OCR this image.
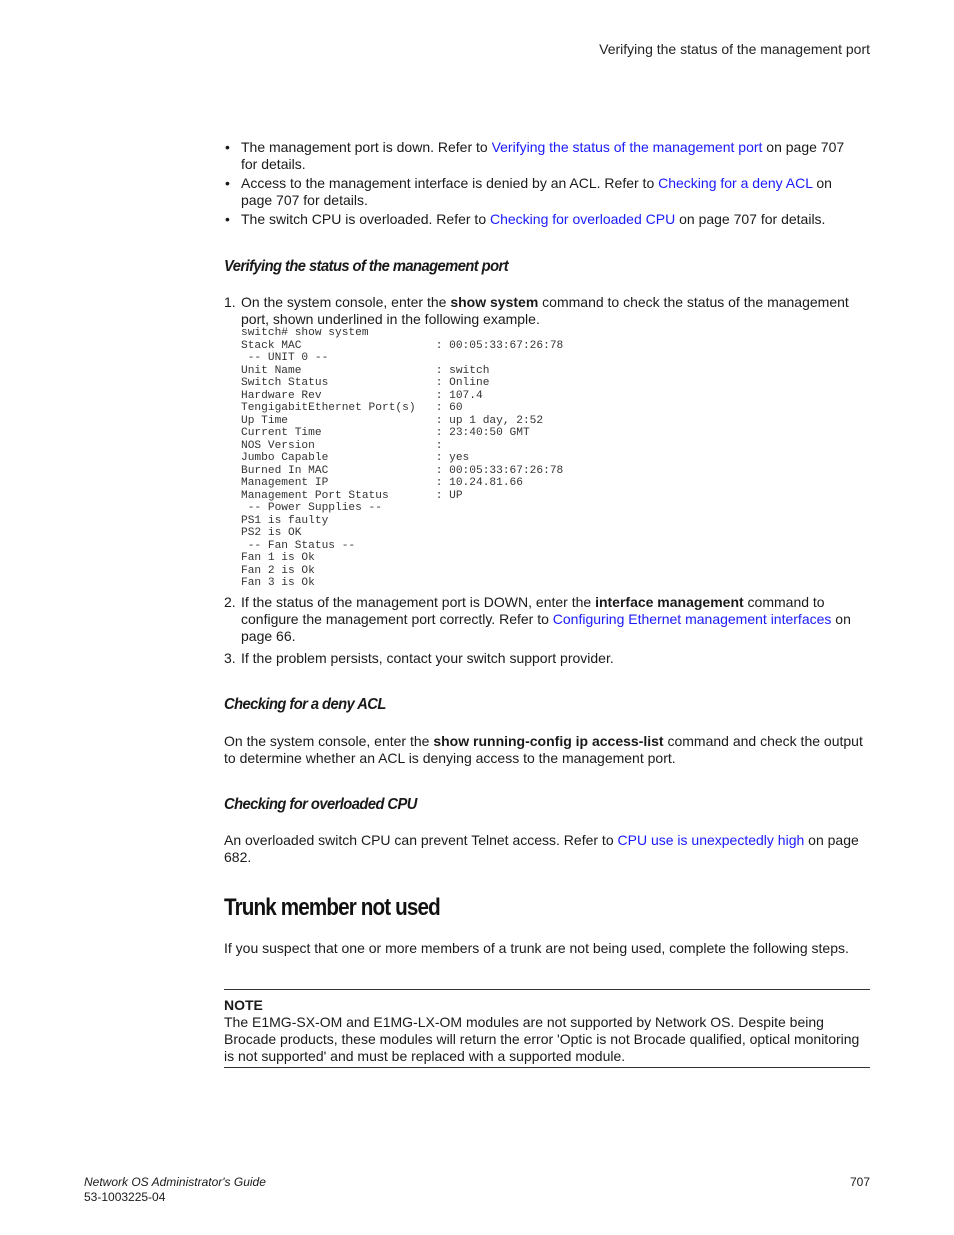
Verifying the status of the management port
• The management port is down. Refer to Verifying the status of the management port on page 707 for details.
• Access to the management interface is denied by an ACL. Refer to Checking for a deny ACL on page 707 for details.
• The switch CPU is overloaded. Refer to Checking for overloaded CPU on page 707 for details.
Verifying the status of the management port
1. On the system console, enter the show system command to check the status of the management port, shown underlined in the following example.
switch# show system
Stack MAC                    : 00:05:33:67:26:78
-- UNIT 0 --
Unit Name                    : switch
Switch Status                : Online
Hardware Rev                 : 107.4
TengigabitEthernet Port(s)   : 60
Up Time                      : up 1 day, 2:52
Current Time                 : 23:40:50 GMT
NOS Version                  :
Jumbo Capable                : yes
Burned In MAC                : 00:05:33:67:26:78
Management IP                : 10.24.81.66
Management Port Status       : UP
-- Power Supplies --
PS1 is faulty
PS2 is OK
-- Fan Status --
Fan 1 is Ok
Fan 2 is Ok
Fan 3 is Ok
2. If the status of the management port is DOWN, enter the interface management command to configure the management port correctly. Refer to Configuring Ethernet management interfaces on page 66.
3. If the problem persists, contact your switch support provider.
Checking for a deny ACL
On the system console, enter the show running-config ip access-list command and check the output to determine whether an ACL is denying access to the management port.
Checking for overloaded CPU
An overloaded switch CPU can prevent Telnet access. Refer to CPU use is unexpectedly high on page 682.
Trunk member not used
If you suspect that one or more members of a trunk are not being used, complete the following steps.
NOTE
The E1MG-SX-OM and E1MG-LX-OM modules are not supported by Network OS. Despite being Brocade products, these modules will return the error 'Optic is not Brocade qualified, optical monitoring is not supported' and must be replaced with a supported module.
Network OS Administrator's Guide
53-1003225-04
707
